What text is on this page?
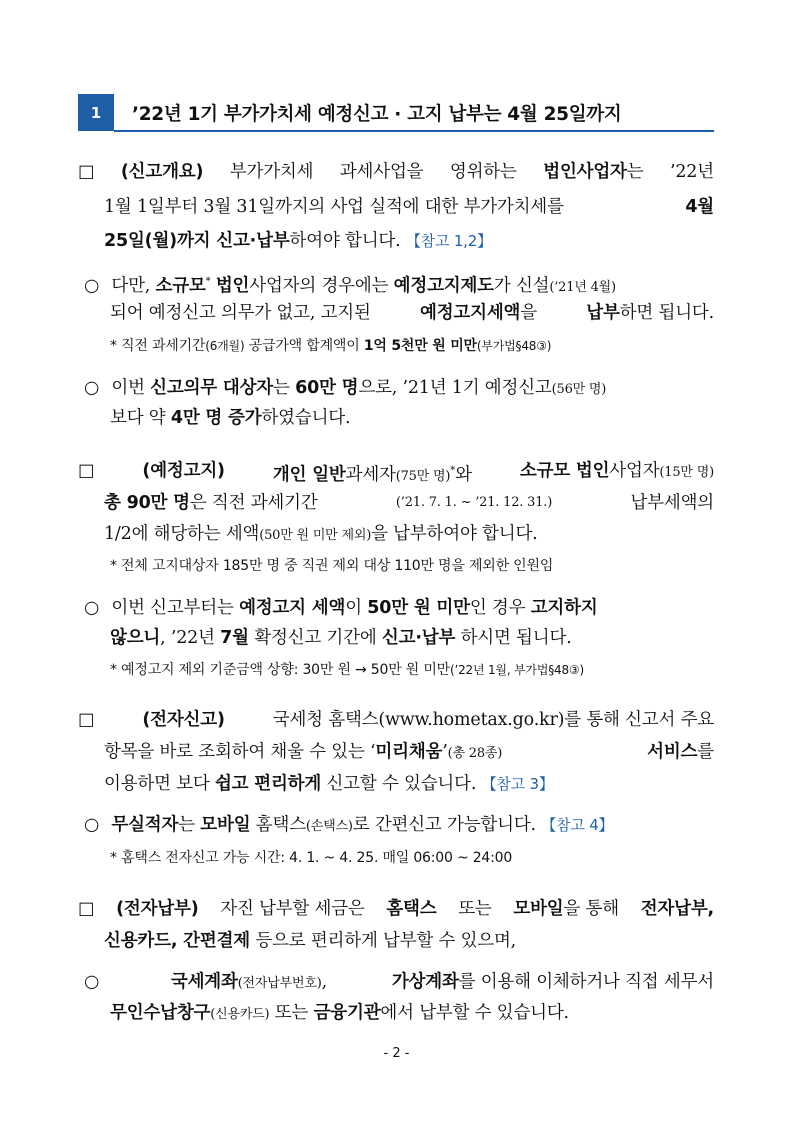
1	’22년 1기 부가가치세 예정신고 · 고지 납부는 4월 25일까지
□ (신고개요) 부가가치세 과세사업을 영위하는 법인사업자는 ’22년
1월 1일부터 3월 31일까지의 사업 실적에 대한 부가가치세를	4월
25일(월)까지 신고·납부하여야 합니다. 【참고 1,2】
○ 다만, 소규모* 법인사업자의 경우에는 예정고지제도가 신설(’21년 4월)
되어 예정신고 의무가 없고, 고지된	예정고지세액을	납부하면 됩니다.
* 직전 과세기간(6개월) 공급가액 합계액이 1억 5천만 원 미만(부가법§48③)
○ 이번 신고의무 대상자는 60만 명으로, ’21년 1기 예정신고(56만 명)
보다 약 4만 명 증가하였습니다.
□	(예정고지)	개인 일반과세자(75만 명)*와	소규모 법인사업자(15만 명)
총 90만 명은 직전 과세기간	(’21. 7. 1. ~ ’21. 12. 31.)	납부세액의
1/2에 해당하는 세액(50만 원 미만 제외)을 납부하여야 합니다.
* 전체 고지대상자 185만 명 중 직권 제외 대상 110만 명을 제외한 인원임
○ 이번 신고부터는 예정고지 세액이 50만 원 미만인 경우 고지하지
않으니, ’22년 7월 확정신고 기간에 신고·납부 하시면 됩니다.
* 예정고지 제외 기준금액 상향: 30만 원 → 50만 원 미만(’22년 1월, 부가법§48③)
□	(전자신고)	국세청 홈택스(www.hometax.go.kr)를 통해 신고서 주요
항목을 바로 조회하여 채울 수 있는 ‘미리채움’(총 28종)	서비스를
이용하면 보다 쉽고 편리하게 신고할 수 있습니다. 【참고 3】
○ 무실적자는 모바일 홈택스(손택스)로 간편신고 가능합니다. 【참고 4】
* 홈택스 전자신고 가능 시간: 4. 1. ~ 4. 25. 매일 06:00 ~ 24:00
□ (전자납부) 자진 납부할 세금은 홈택스 또는 모바일을 통해 전자납부,
신용카드, 간편결제 등으로 편리하게 납부할 수 있으며,
○	국세계좌(전자납부번호),	가상계좌를 이용해 이체하거나 직접 세무서
무인수납창구(신용카드) 또는 금융기관에서 납부할 수 있습니다.
- 2 -
